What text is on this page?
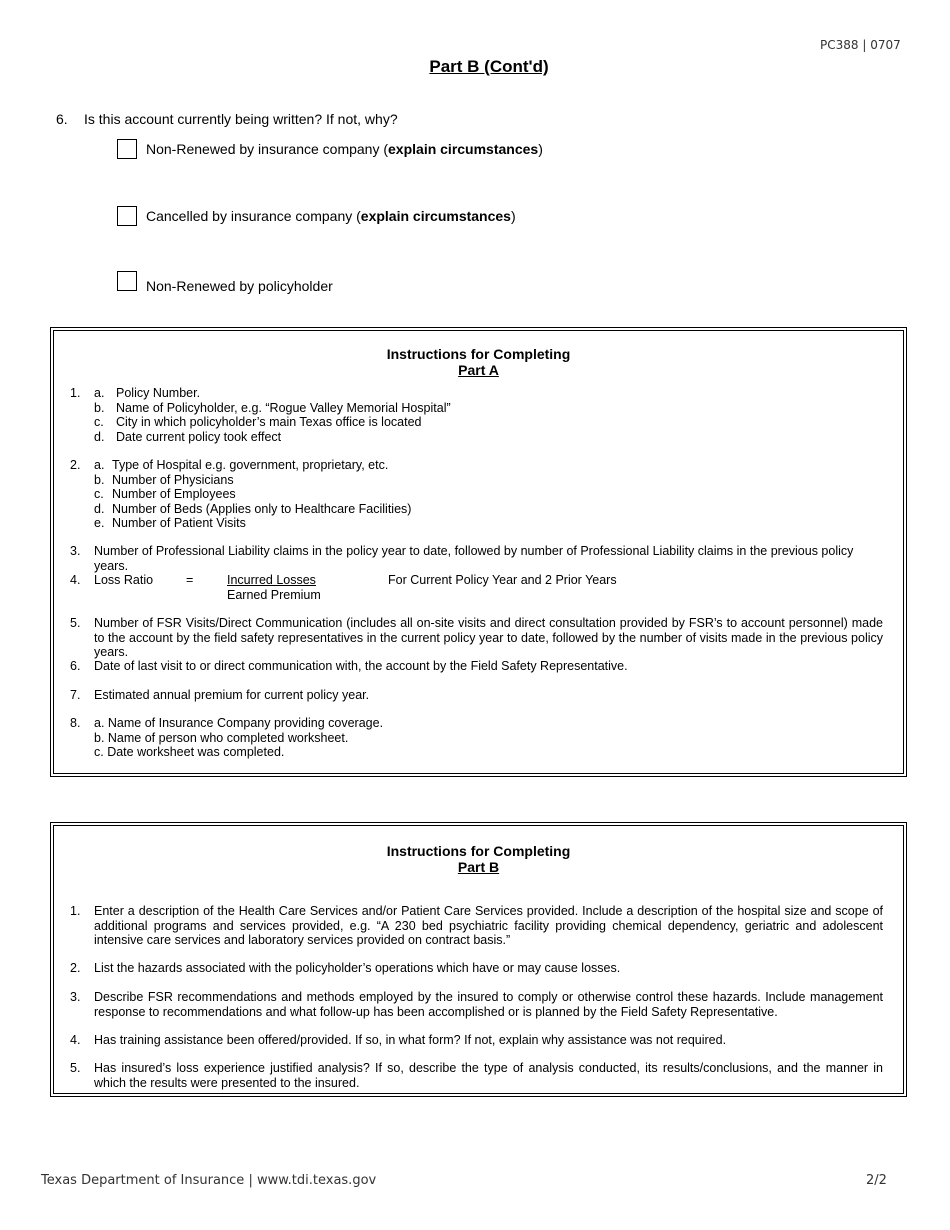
PC388 | 0707
Part B (Cont'd)
6. Is this account currently being written? If not, why?
Non-Renewed by insurance company (explain circumstances)
Cancelled by insurance company (explain circumstances)
Non-Renewed by policyholder
Instructions for Completing
Part A
1.	a. Policy Number.
b. Name of Policyholder, e.g. “Rogue Valley Memorial Hospital”
c. City in which policyholder’s main Texas office is located
d. Date current policy took effect
2.	a. Type of Hospital e.g. government, proprietary, etc.
b. Number of Physicians
c. Number of Employees
d. Number of Beds (Applies only to Healthcare Facilities)
e. Number of Patient Visits
3.	Number of Professional Liability claims in the policy year to date, followed by number of Professional Liability claims in the previous policy years.
4.	Loss Ratio	=	Incurred Losses
Earned Premium
For Current Policy Year and 2 Prior Years
5.	Number of FSR Visits/Direct Communication (includes all on-site visits and direct consultation provided by FSR’s to account personnel) made to the account by the field safety representatives in the current policy year to date, followed by the number of visits made in the previous policy years.
6.	Date of last visit to or direct communication with, the account by the Field Safety Representative.
7.	Estimated annual premium for current policy year.
8.	a. Name of Insurance Company providing coverage.
b. Name of person who completed worksheet.
c. Date worksheet was completed.
Instructions for Completing
Part B
1.	Enter a description of the Health Care Services and/or Patient Care Services provided. Include a description of the hospital size and scope of additional programs and services provided, e.g. “A 230 bed psychiatric facility providing chemical dependency, geriatric and adolescent intensive care services and laboratory services provided on contract basis.”
2.	List the hazards associated with the policyholder’s operations which have or may cause losses.
3.	Describe FSR recommendations and methods employed by the insured to comply or otherwise control these hazards. Include management response to recommendations and what follow-up has been accomplished or is planned by the Field Safety Representative.
4.	Has training assistance been offered/provided. If so, in what form? If not, explain why assistance was not required.
5.	Has insured’s loss experience justified analysis? If so, describe the type of analysis conducted, its results/conclusions, and the manner in which the results were presented to the insured.
Texas Department of Insurance | www.tdi.texas.gov	2/2
